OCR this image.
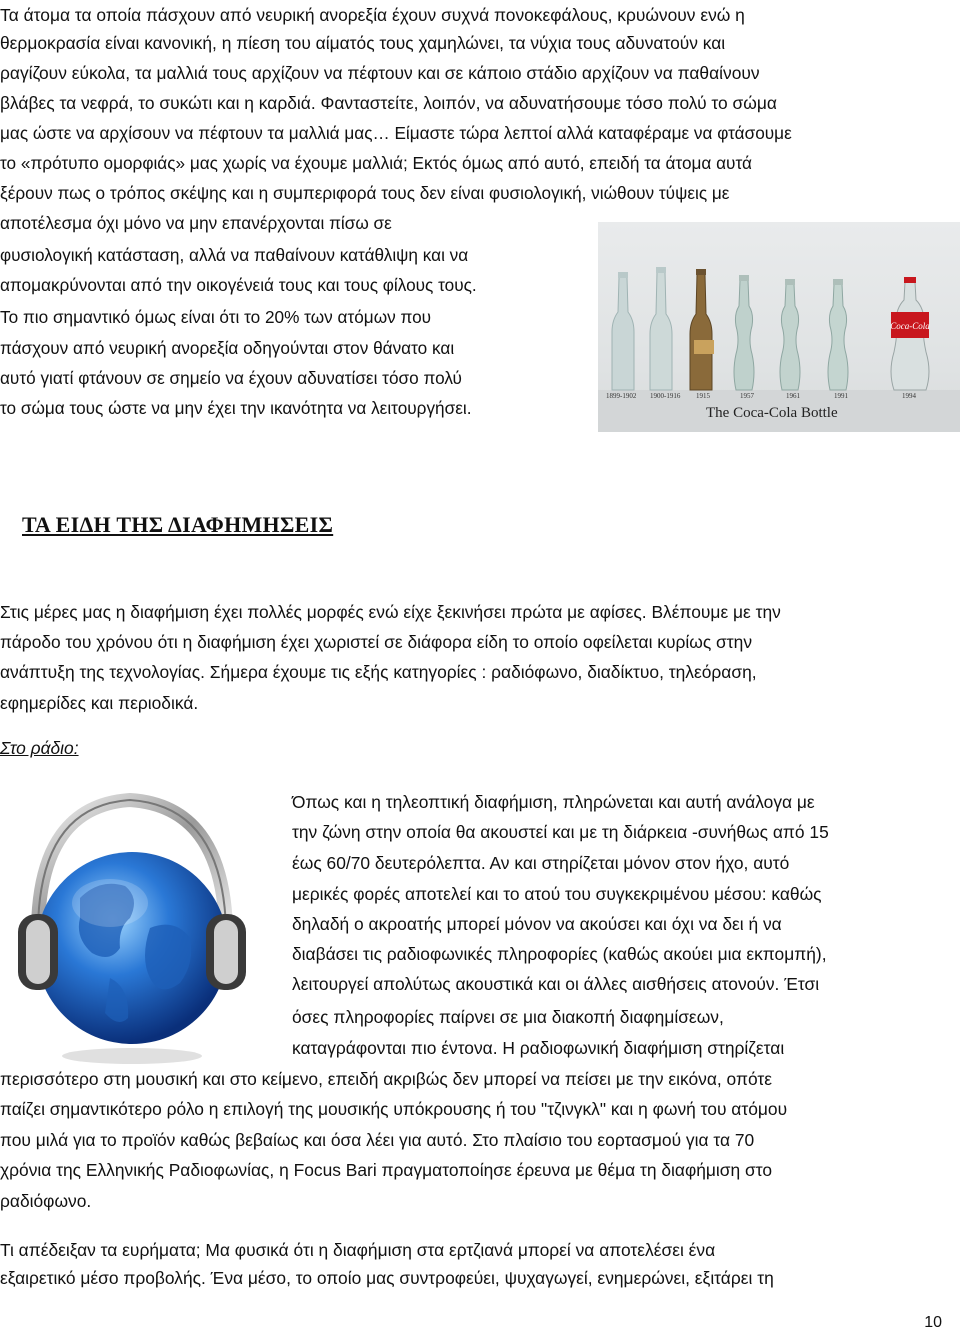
Τα άτομα τα οποία πάσχουν από νευρική ανορεξία έχουν συχνά πονοκεφάλους, κρυώνουν ενώ η
θερμοκρασία είναι κανονική, η πίεση του αίματός τους χαμηλώνει, τα νύχια τους αδυνατούν και
ραγίζουν εύκολα, τα μαλλιά τους αρχίζουν να πέφτουν και σε κάποιο στάδιο αρχίζουν να παθαίνουν
βλάβες τα νεφρά, το συκώτι και η καρδιά. Φανταστείτε, λοιπόν, να αδυνατήσουμε τόσο πολύ το σώμα
μας ώστε να αρχίσουν να πέφτουν τα μαλλιά μας… Είμαστε τώρα λεπτοί αλλά καταφέραμε να φτάσουμε
το «πρότυπο ομορφιάς» μας χωρίς να έχουμε μαλλιά; Εκτός όμως από αυτό, επειδή τα άτομα αυτά
ξέρουν πως ο τρόπος σκέψης και η συμπεριφορά τους δεν είναι φυσιολογική, νιώθουν τύψεις με
αποτέλεσμα όχι μόνο να μην επανέρχονται πίσω σε
φυσιολογική κατάσταση, αλλά να παθαίνουν κατάθλιψη και να
απομακρύνονται από την οικογένειά τους και τους φίλους τους.
Το πιο σημαντικό όμως είναι ότι το 20% των ατόμων που
πάσχουν από νευρική ανορεξία οδηγούνται στον θάνατο και
αυτό γιατί φτάνουν σε σημείο να έχουν αδυνατίσει τόσο πολύ
το σώμα τους ώστε να μην έχει την ικανότητα να λειτουργήσει.
Coca-Cola
1899-1902 1900-1916 1915	1957	1961	1991	1994
The Coca-Cola Bottle
ΤΑ ΕΙΔΗ ΤΗΣ ΔΙΑΦΗΜΗΣΕΙΣ
Στις μέρες μας η διαφήμιση έχει πολλές μορφές ενώ είχε ξεκινήσει πρώτα με αφίσες. Βλέπουμε με την
πάροδο του χρόνου ότι η διαφήμιση έχει χωριστεί σε διάφορα είδη το οποίο οφείλεται κυρίως στην
ανάπτυξη της τεχνολογίας. Σήμερα έχουμε τις εξής κατηγορίες : ραδιόφωνο, διαδίκτυο, τηλεόραση,
εφημερίδες και περιοδικά.
Στο ράδιο:
Όπως και η τηλεοπτική διαφήμιση, πληρώνεται και αυτή ανάλογα με
την ζώνη στην οποία θα ακουστεί και με τη διάρκεια -συνήθως από 15
έως 60/70 δευτερόλεπτα. Αν και στηρίζεται μόνον στον ήχο, αυτό
μερικές φορές αποτελεί και το ατού του συγκεκριμένου μέσου: καθώς
δηλαδή ο ακροατής μπορεί μόνον να ακούσει και όχι να δει ή να
διαβάσει τις ραδιοφωνικές πληροφορίες (καθώς ακούει μια εκπομπή),
λειτουργεί απολύτως ακουστικά και οι άλλες αισθήσεις ατονούν. Έτσι
όσες πληροφορίες παίρνει σε μια διακοπή διαφημίσεων,
καταγράφονται πιο έντονα. Η ραδιοφωνική διαφήμιση στηρίζεται
περισσότερο στη μουσική και στο κείμενο, επειδή ακριβώς δεν μπορεί να πείσει με την εικόνα, οπότε
παίζει σημαντικότερο ρόλο η επιλογή της μουσικής υπόκρουσης ή του "τζινγκλ" και η φωνή του ατόμου
που μιλά για το προϊόν καθώς βεβαίως και όσα λέει για αυτό. Στο πλαίσιο του εορτασμού για τα 70
χρόνια της Ελληνικής Ραδιοφωνίας, η Focus Bari πραγματοποίησε έρευνα με θέμα τη διαφήμιση στο
ραδιόφωνο.
Τι απέδειξαν τα ευρήματα; Μα φυσικά ότι η διαφήμιση στα ερτζιανά μπορεί να αποτελέσει ένα
εξαιρετικό μέσο προβολής. Ένα μέσο, το οποίο μας συντροφεύει, ψυχαγωγεί, ενημερώνει, εξιτάρει τη
10
